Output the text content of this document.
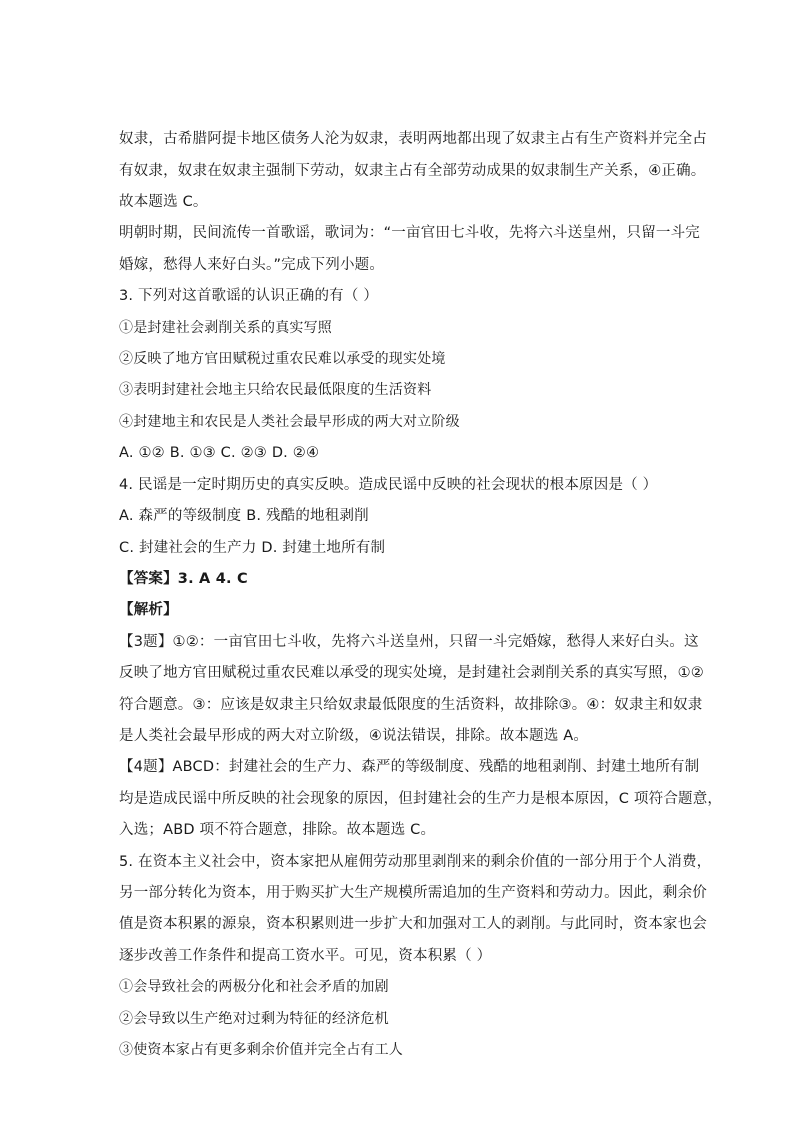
奴隶，古希腊阿提卡地区债务人沦为奴隶，表明两地都出现了奴隶主占有生产资料并完全占
有奴隶，奴隶在奴隶主强制下劳动，奴隶主占有全部劳动成果的奴隶制生产关系，④正确。
故本题选 C。
明朝时期，民间流传一首歌谣，歌词为：“一亩官田七斗收，先将六斗送皇州，只留一斗完
婚嫁，愁得人来好白头。”完成下列小题。
3. 下列对这首歌谣的认识正确的有（ ）
①是封建社会剥削关系的真实写照
②反映了地方官田赋税过重农民难以承受的现实处境
③表明封建社会地主只给农民最低限度的生活资料
④封建地主和农民是人类社会最早形成的两大对立阶级
A. ①② B. ①③ C. ②③ D. ②④
4. 民谣是一定时期历史的真实反映。造成民谣中反映的社会现状的根本原因是（ ）
A. 森严的等级制度 B. 残酷的地租剥削
C. 封建社会的生产力 D. 封建土地所有制
【答案】3. A 4. C
【解析】
【3题】①②：一亩官田七斗收，先将六斗送皇州，只留一斗完婚嫁，愁得人来好白头。这
反映了地方官田赋税过重农民难以承受的现实处境，是封建社会剥削关系的真实写照，①②
符合题意。③：应该是奴隶主只给奴隶最低限度的生活资料，故排除③。④：奴隶主和奴隶
是人类社会最早形成的两大对立阶级，④说法错误，排除。故本题选 A。
【4题】ABCD：封建社会的生产力、森严的等级制度、残酷的地租剥削、封建土地所有制
均是造成民谣中所反映的社会现象的原因，但封建社会的生产力是根本原因，C 项符合题意，
入选；ABD 项不符合题意，排除。故本题选 C。
5. 在资本主义社会中，资本家把从雇佣劳动那里剥削来的剩余价值的一部分用于个人消费，
另一部分转化为资本，用于购买扩大生产规模所需追加的生产资料和劳动力。因此，剩余价
值是资本积累的源泉，资本积累则进一步扩大和加强对工人的剥削。与此同时，资本家也会
逐步改善工作条件和提高工资水平。可见，资本积累（ ）
①会导致社会的两极分化和社会矛盾的加剧
②会导致以生产绝对过剩为特征的经济危机
③使资本家占有更多剩余价值并完全占有工人
